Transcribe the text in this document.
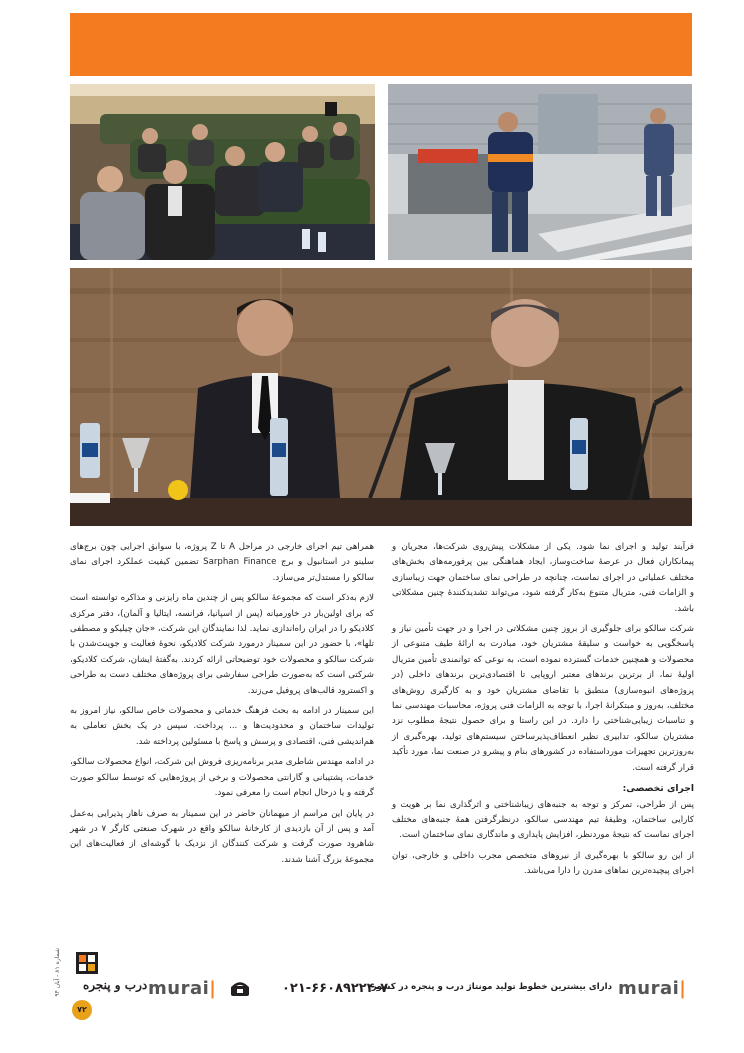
فرآیند تولید و اجرای نما شود. یکی از مشکلات پیش‌روی شرکت‌ها، مجریان و پیمانکاران فعال در عرصهٔ ساخت‌وساز، ایجاد هماهنگی بین پرفورمه‌های بخش‌های مختلف عملیاتی در اجرای نماست، چنانچه در طراحی نمای ساختمان جهت زیباسازی و الزامات فنی، متریال متنوع به‌کار گرفته شود، می‌تواند تشدیدکنندهٔ چنین مشکلاتی باشد.

شرکت سالکو برای جلوگیری از بروز چنین مشکلاتی در اجرا و در جهت تأمین نیاز و پاسخگویی به خواست و سلیقهٔ مشتریان خود، مبادرت به ارائهٔ طیف متنوعی از محصولات و همچنین خدمات گسترده نموده است، به نوعی که توانمندی تأمین متریال اولیهٔ نما، از برترین برندهای معتبر اروپایی تا اقتصادی‌ترین برندهای داخلی (در پروژه‌های انبوه‌سازی) منطبق با تقاضای مشتریان خود و به کارگیری روش‌های مختلف، به‌روز و مبتکرانهٔ اجرا، با توجه به الزامات فنی پروژه، محاسبات مهندسی نما و تناسبات زیبایی‌شناختی را دارد. در این راستا و برای حصول نتیجهٔ مطلوب نزد مشتریان سالکو، تدابیری نظیر انعطاف‌پذیرساختن سیستم‌های تولید، بهره‌گیری از به‌روزترین تجهیزات مورداستفاده در کشورهای بنام و پیشرو در صنعت نما، مورد تأکید قرار گرفته است.

اجرای تخصصی:

پس از طراحی، تمرکز و توجه به جنبه‌های زیباشناختی و اثرگذاری نما بر هویت و کارایی ساختمان، وظیفهٔ تیم مهندسی سالکو، درنظرگرفتن همهٔ جنبه‌های مختلف اجرای نماست که نتیجهٔ موردنظر، افزایش پایداری و ماندگاری نمای ساختمان است.

از این رو سالکو با بهره‌گیری از نیروهای متخصص مجرب داخلی و خارجی، توان اجرای پیچیده‌ترین نماهای مدرن را دارا می‌باشد.

همراهی تیم اجرای خارجی در مراحل A تا Z پروژه، با سوابق اجرایی چون برج‌های سلینو در استانبول و برج Sarphan Finance تضمین کیفیت عملکرد اجرای نمای سالکو را مستدل‌تر می‌سازد.

لازم به‌ذکر است که مجموعهٔ سالکو پس از چندین ماه رایزنی و مذاکره توانسته است که برای اولین‌بار در خاورمیانه (پس از اسپانیا، فرانسه، ایتالیا و آلمان)، دفتر مرکزی کلادیکو را در ایران راه‌اندازی نماید. لذا نمایندگان این شرکت، «جان چیلیکو و مصطفی تلها»، با حضور در این سمینار درمورد شرکت کلادیکو، نحوهٔ فعالیت و جوینت‌شدن با شرکت سالکو و محصولات خود توضیحاتی ارائه کردند. به‌گفتهٔ ایشان، شرکت کلادیکو، شرکتی است که به‌صورت طراحی سفارشی برای پروژه‌های مختلف دست به طراحی و اکسترود قالب‌های پروفیل می‌زند.

این سمینار در ادامه به بحث فرهنگ خدماتی و محصولات خاص سالکو، نیاز امروز به تولیدات ساختمان و محدودیت‌ها و ... پرداخت. سپس در یک بخش تعاملی به هم‌اندیشی فنی، اقتصادی و پرسش و پاسخ با مسئولین پرداخته شد.

در ادامه مهندس شاطری مدیر برنامه‌ریزی فروش این شرکت، انواع محصولات سالکو، خدمات، پشتیبانی و گارانتی محصولات و برخی از پروژه‌هایی که توسط سالکو صورت گرفته و یا درحال انجام است را معرفی نمود.

در پایان این مراسم از میهمانان حاضر در این سمینار به صرف ناهار پذیرایی به‌عمل آمد و پس از آن بازدیدی از کارخانهٔ سالکو واقع در شهرک صنعتی کارگر ۷ در شهر شاهرود صورت گرفت و شرکت کنندگان از نزدیک با گوشه‌ای از فعالیت‌های این مجموعهٔ بزرگ آشنا شدند.

murai|
دارای بیشترین خطوط تولید مونتاژ درب و پنجره در کشور
۰۲۱-۶۶۰۸۹۲۲۴-۷
murai|
شماره ۸۱ - آبان ۹۴
درب و پنجره
۷۲
